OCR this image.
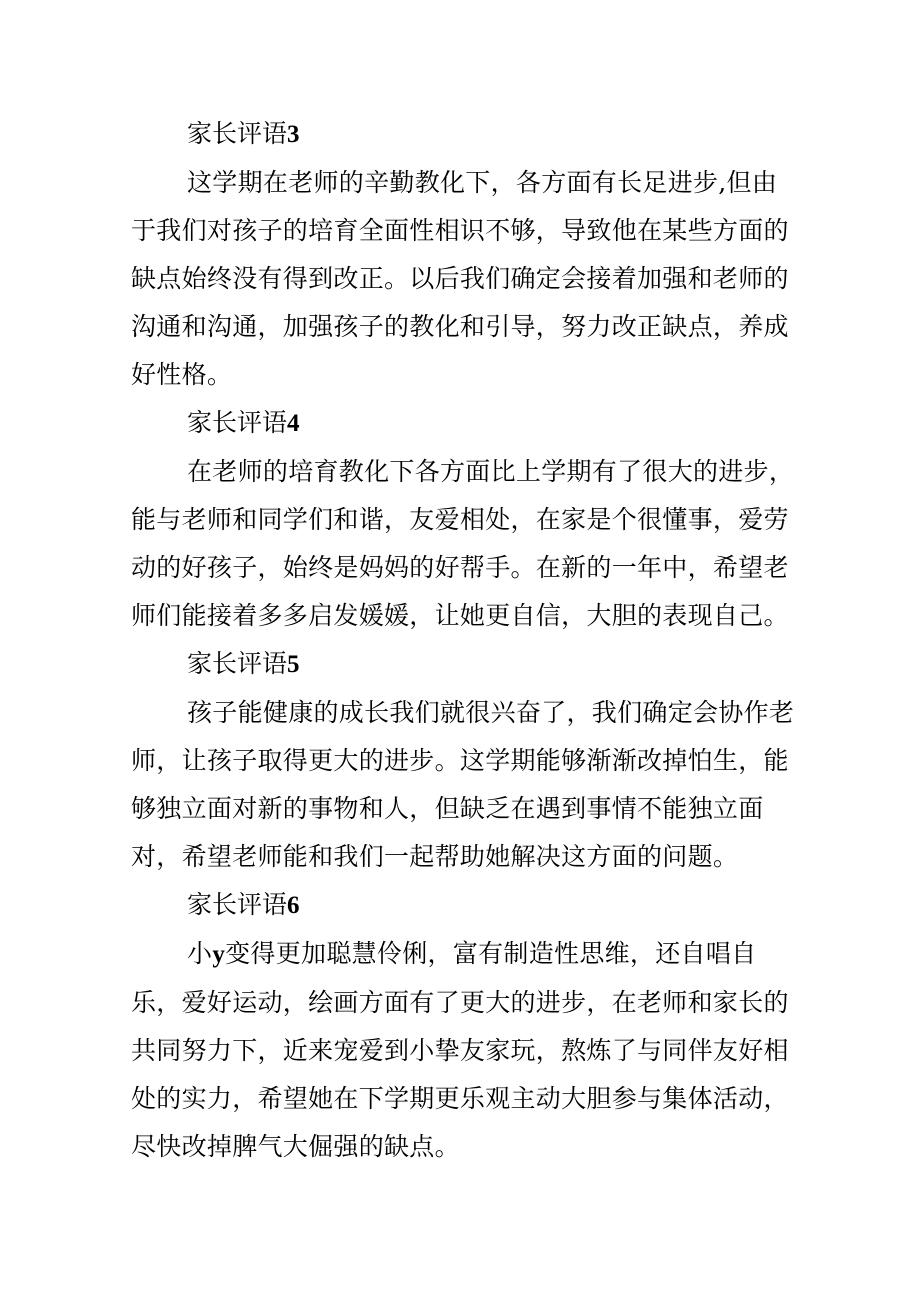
家长评语3

这学期在老师的辛勤教化下，各方面有长足进步,但由
于我们对孩子的培育全面性相识不够，导致他在某些方面的
缺点始终没有得到改正。以后我们确定会接着加强和老师的
沟通和沟通，加强孩子的教化和引导，努力改正缺点，养成
好性格。

家长评语4

在老师的培育教化下各方面比上学期有了很大的进步，
能与老师和同学们和谐，友爱相处，在家是个很懂事，爱劳
动的好孩子，始终是妈妈的好帮手。在新的一年中，希望老
师们能接着多多启发媛媛，让她更自信，大胆的表现自己。

家长评语5

孩子能健康的成长我们就很兴奋了，我们确定会协作老
师，让孩子取得更大的进步。这学期能够渐渐改掉怕生，能
够独立面对新的事物和人，但缺乏在遇到事情不能独立面
对，希望老师能和我们一起帮助她解决这方面的问题。

家长评语6

小y变得更加聪慧伶俐，富有制造性思维，还自唱自
乐，爱好运动，绘画方面有了更大的进步，在老师和家长的
共同努力下，近来宠爱到小挚友家玩，熬炼了与同伴友好相
处的实力，希望她在下学期更乐观主动大胆参与集体活动，
尽快改掉脾气大倔强的缺点。
